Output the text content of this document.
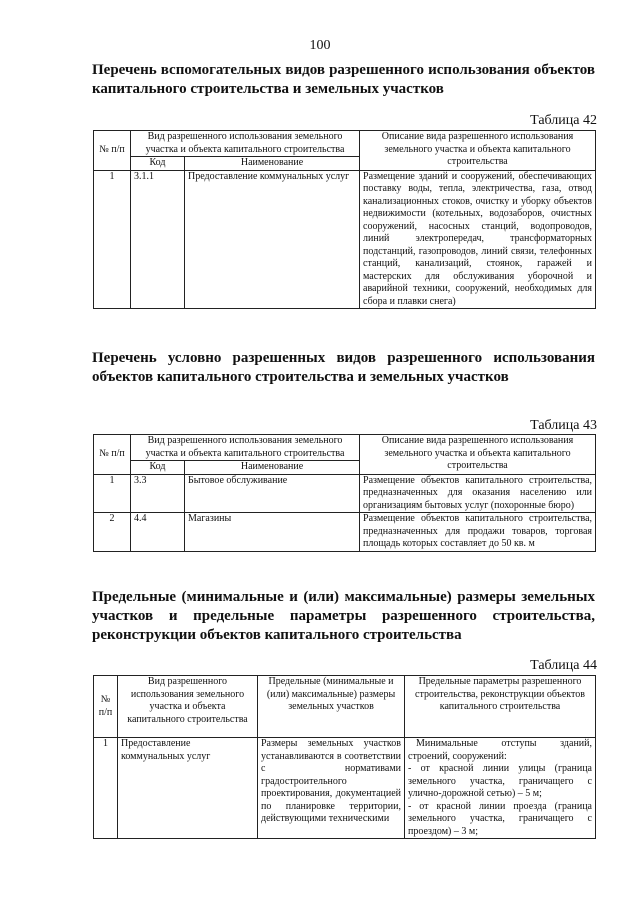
100
Перечень вспомогательных видов разрешенного использования объектов капитального строительства и земельных участков
Таблица 42
№ п/п	Вид разрешенного использования земельного участка и объекта капитального строительства		Описание вида разрешенного использования земельного участка и объекта капитального строительства
	Код	Наименование	
1	3.1.1	Предоставление коммунальных услуг	Размещение зданий и сооружений, обеспечивающих поставку воды, тепла, электричества, газа, отвод канализационных стоков, очистку и уборку объектов недвижимости (котельных, водозаборов, очистных сооружений, насосных станций, водопроводов, линий электропередач, трансформаторных подстанций, газопроводов, линий связи, телефонных станций, канализаций, стоянок, гаражей и мастерских для обслуживания уборочной и аварийной техники, сооружений, необходимых для сбора и плавки снега)
Перечень условно разрешенных видов разрешенного использования объектов капитального строительства и земельных участков
Таблица 43
№ п/п	Вид разрешенного использования земельного участка и объекта капитального строительства		Описание вида разрешенного использования земельного участка и объекта капитального строительства
	Код	Наименование	
1	3.3	Бытовое обслуживание	Размещение объектов капитального строительства, предназначенных для оказания населению или организациям бытовых услуг (похоронные бюро)
2	4.4	Магазины	Размещение объектов капитального строительства, предназначенных для продажи товаров, торговая площадь которых составляет до 50 кв. м
Предельные (минимальные и (или) максимальные) размеры земельных участков и предельные параметры разрешенного строительства, реконструкции объектов капитального строительства
Таблица 44
№ п/п	Вид разрешенного использования земельного участка и объекта капитального строительства	Предельные (минимальные и (или) максимальные) размеры земельных участков	Предельные параметры разрешенного строительства, реконструкции объектов капитального строительства
1	Предоставление коммунальных услуг	Размеры земельных участков устанавливаются в соответствии с нормативами градостроительного проектирования, документацией по планировке территории, действующими техническими	Минимальные отступы зданий, строений, сооружений:
- от красной линии улицы (граница земельного участка, граничащего с улично-дорожной сетью) – 5 м;
- от красной линии проезда (граница земельного участка, граничащего с проездом) – 3 м;
